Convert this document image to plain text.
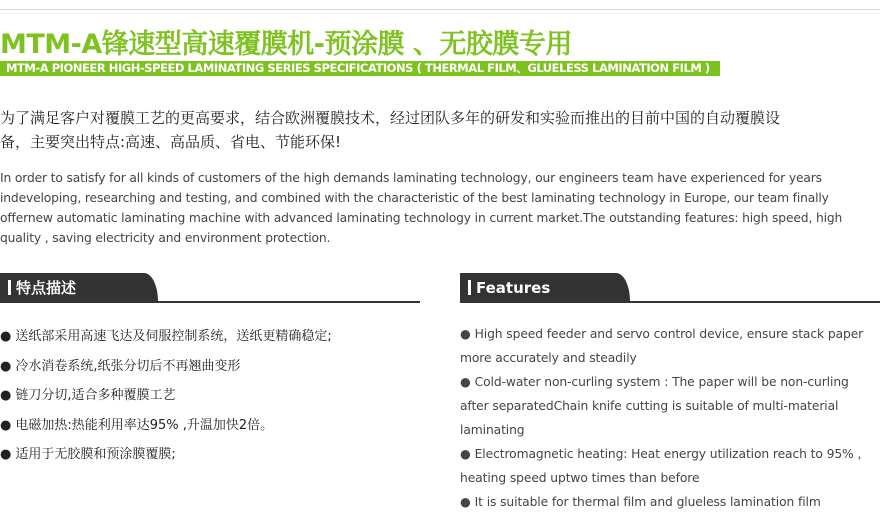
MTM-A锋速型高速覆膜机-预涂膜 、无胶膜专用
MTM-A PIONEER HIGH-SPEED LAMINATING SERIES SPECIFICATIONS ( THERMAL FILM、GLUELESS LAMINATION FILM )

为了满足客户对覆膜工艺的更高要求，结合欧洲覆膜技术，经过团队多年的研发和实验而推出的目前中国的自动覆膜设备，主要突出特点:高速、高品质、省电、节能环保!

In order to satisfy for all kinds of customers of the high demands laminating technology, our engineers team have experienced for years indeveloping, researching and testing, and combined with the characteristic of the best laminating technology in Europe, our team finally offernew automatic laminating machine with advanced laminating technology in current market.The outstanding features: high speed, high quality , saving electricity and environment protection.

特点描述	Features
● 送纸部采用高速飞达及伺服控制系统，送纸更精确稳定;
● 冷水消卷系统,纸张分切后不再翘曲变形
● 链刀分切,适合多种覆膜工艺
● 电磁加热:热能利用率达95% ,升温加快2倍。
● 适用于无胶膜和预涂膜覆膜;
● High speed feeder and servo control device, ensure stack paper more accurately and steadily
● Cold-water non-curling system : The paper will be non-curling after separatedChain knife cutting is suitable of multi-material laminating
● Electromagnetic heating: Heat energy utilization reach to 95% , heating speed uptwo times than before
● It is suitable for thermal film and glueless lamination film
